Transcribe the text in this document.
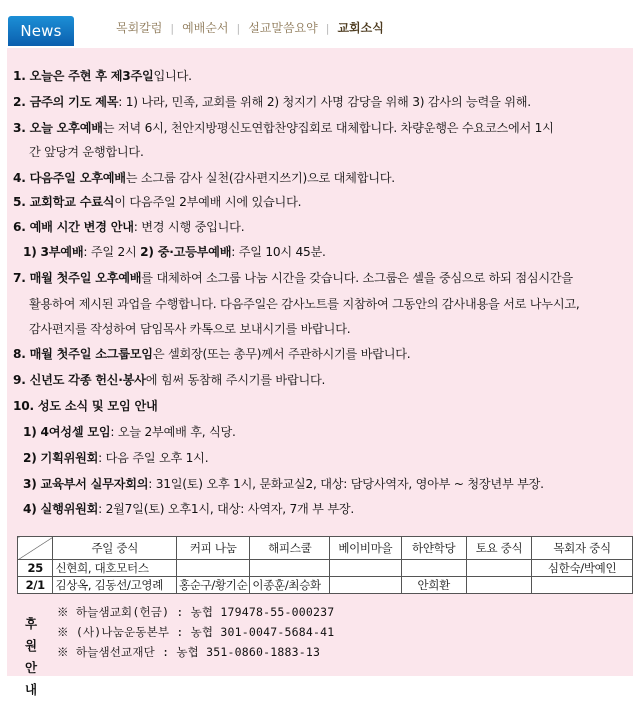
News	목회칼럼 | 예배순서 | 설교말씀요약 | 교회소식
1. 오늘은 주현 후 제3주일입니다.
2. 금주의 기도 제목: 1) 나라, 민족, 교회를 위해 2) 청지기 사명 감당을 위해 3) 감사의 능력을 위해.
3. 오늘 오후예배는 저녁 6시, 천안지방평신도연합찬양집회로 대체합니다. 차량운행은 수요코스에서 1시
간 앞당겨 운행합니다.
4. 다음주일 오후예배는 소그룹 감사 실천(감사편지쓰기)으로 대체합니다.
5. 교회학교 수료식이 다음주일 2부예배 시에 있습니다.
6. 예배 시간 변경 안내: 변경 시행 중입니다.
1) 3부예배: 주일 2시 2) 중·고등부예배: 주일 10시 45분.
7. 매월 첫주일 오후예배를 대체하여 소그룹 나눔 시간을 갖습니다. 소그룹은 셀을 중심으로 하되 점심시간을
활용하여 제시된 과업을 수행합니다. 다음주일은 감사노트를 지참하여 그동안의 감사내용을 서로 나누시고,
감사편지를 작성하여 담임목사 카톡으로 보내시기를 바랍니다.
8. 매월 첫주일 소그룹모임은 셀회장(또는 총무)께서 주관하시기를 바랍니다.
9. 신년도 각종 헌신·봉사에 힘써 동참해 주시기를 바랍니다.
10. 성도 소식 및 모임 안내
1) 4여성셀 모임: 오늘 2부예배 후, 식당.
2) 기획위원회: 다음 주일 오후 1시.
3) 교육부서 실무자회의: 31일(토) 오후 1시, 문화교실2, 대상: 담당사역자, 영아부 ~ 청장년부 부장.
4) 실행위원회: 2월7일(토) 오후1시, 대상: 사역자, 7개 부 부장.
	주일 중식	커피 나눔	해피스쿨	베이비마을	하얀학당	토요 중식	목회자 중식
25	신현희, 대호모터스						심한숙/박예인
2/1	김상옥, 김동선/고영례	홍순구/황기순	이종훈/최승화		안희환		
후원안내
※ 하늘샘교회(헌금) : 농협 179478-55-000237
※ (사)나눔운동본부 : 농협 301-0047-5684-41
※ 하늘샘선교재단 : 농협 351-0860-1883-13
